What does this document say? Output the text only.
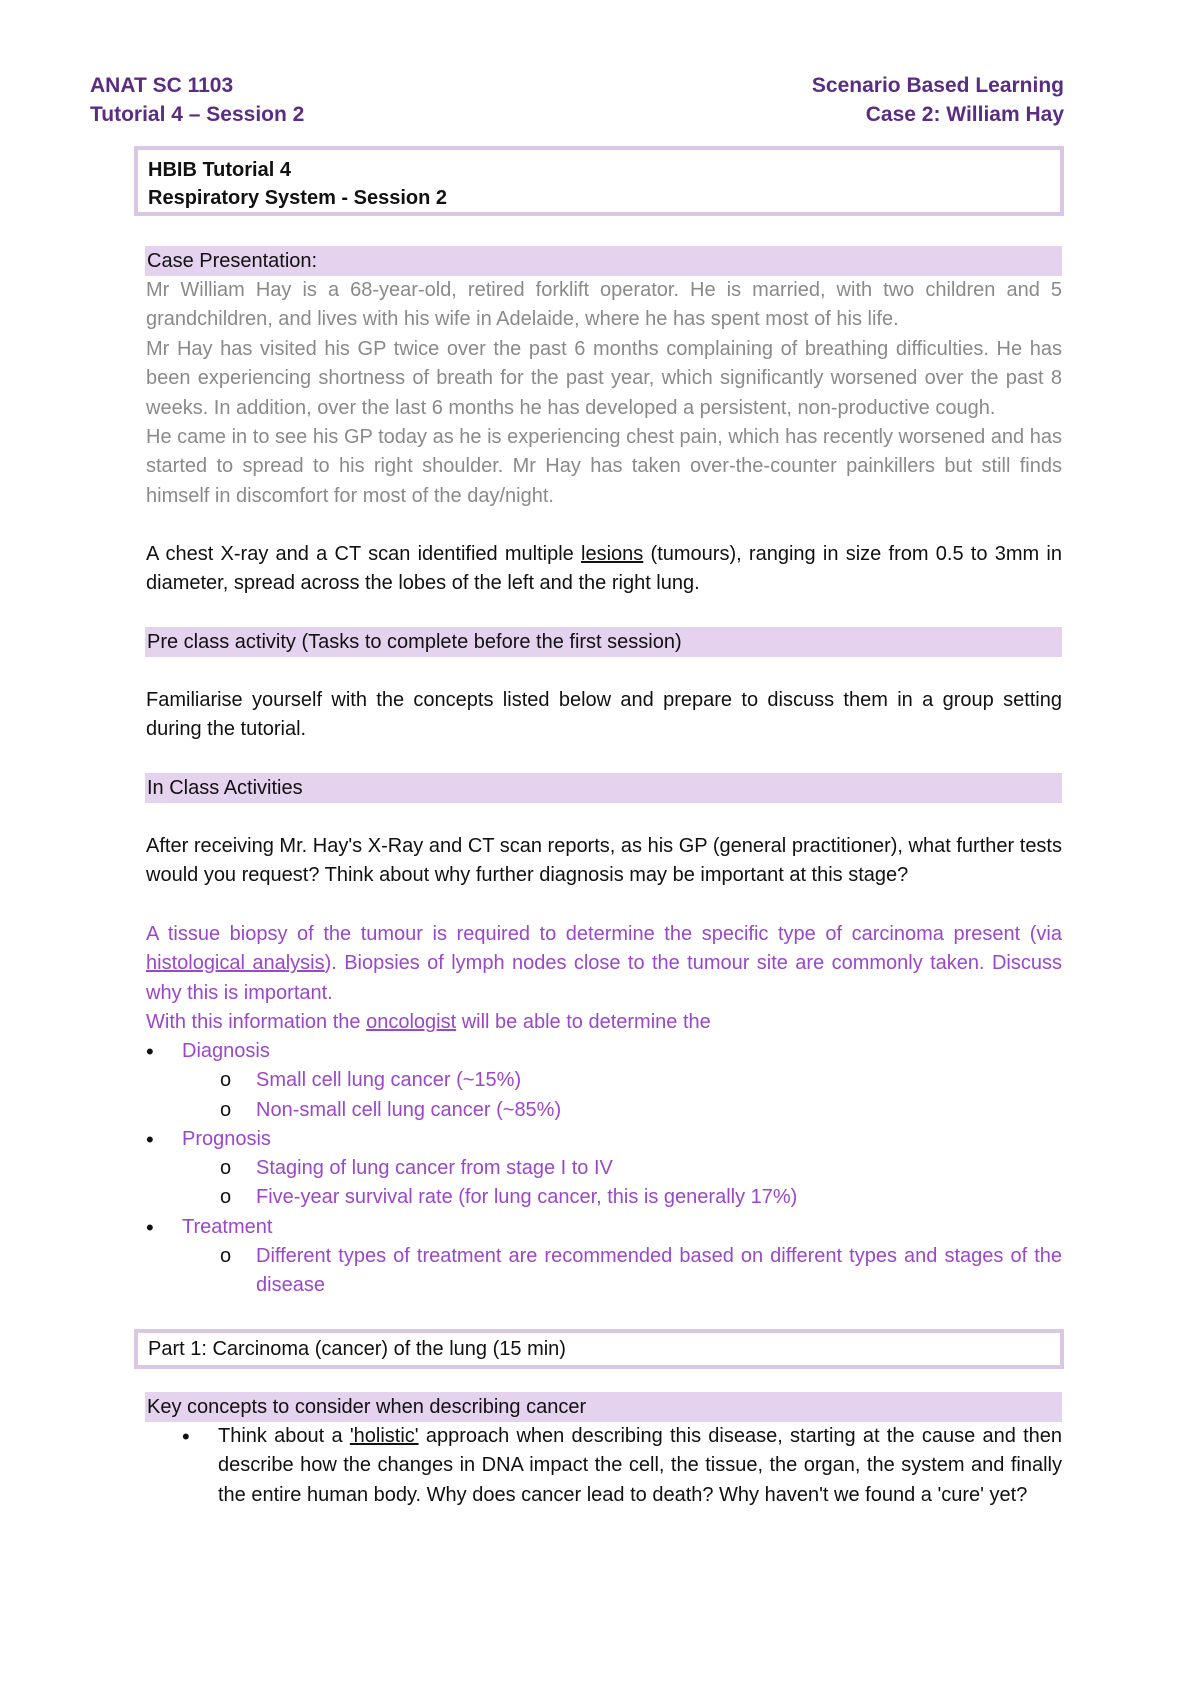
ANAT SC 1103
Tutorial 4 – Session 2
Scenario Based Learning
Case 2: William Hay
HBIB Tutorial 4
Respiratory System - Session 2
Case Presentation:
Mr William Hay is a 68-year-old, retired forklift operator. He is married, with two children and 5 grandchildren, and lives with his wife in Adelaide, where he has spent most of his life.
Mr Hay has visited his GP twice over the past 6 months complaining of breathing difficulties. He has been experiencing shortness of breath for the past year, which significantly worsened over the past 8 weeks. In addition, over the last 6 months he has developed a persistent, non-productive cough.
He came in to see his GP today as he is experiencing chest pain, which has recently worsened and has started to spread to his right shoulder. Mr Hay has taken over-the-counter painkillers but still finds himself in discomfort for most of the day/night.
A chest X-ray and a CT scan identified multiple lesions (tumours), ranging in size from 0.5 to 3mm in diameter, spread across the lobes of the left and the right lung.
Pre class activity (Tasks to complete before the first session)
Familiarise yourself with the concepts listed below and prepare to discuss them in a group setting during the tutorial.
In Class Activities
After receiving Mr. Hay's X-Ray and CT scan reports, as his GP (general practitioner), what further tests would you request? Think about why further diagnosis may be important at this stage?
A tissue biopsy of the tumour is required to determine the specific type of carcinoma present (via histological analysis). Biopsies of lymph nodes close to the tumour site are commonly taken. Discuss why this is important.
With this information the oncologist will be able to determine the
• Diagnosis
o Small cell lung cancer (~15%)
o Non-small cell lung cancer (~85%)
• Prognosis
o Staging of lung cancer from stage I to IV
o Five-year survival rate (for lung cancer, this is generally 17%)
• Treatment
o Different types of treatment are recommended based on different types and stages of the disease
Part 1: Carcinoma (cancer) of the lung (15 min)
Key concepts to consider when describing cancer
• Think about a 'holistic' approach when describing this disease, starting at the cause and then describe how the changes in DNA impact the cell, the tissue, the organ, the system and finally the entire human body. Why does cancer lead to death? Why haven't we found a 'cure' yet?
